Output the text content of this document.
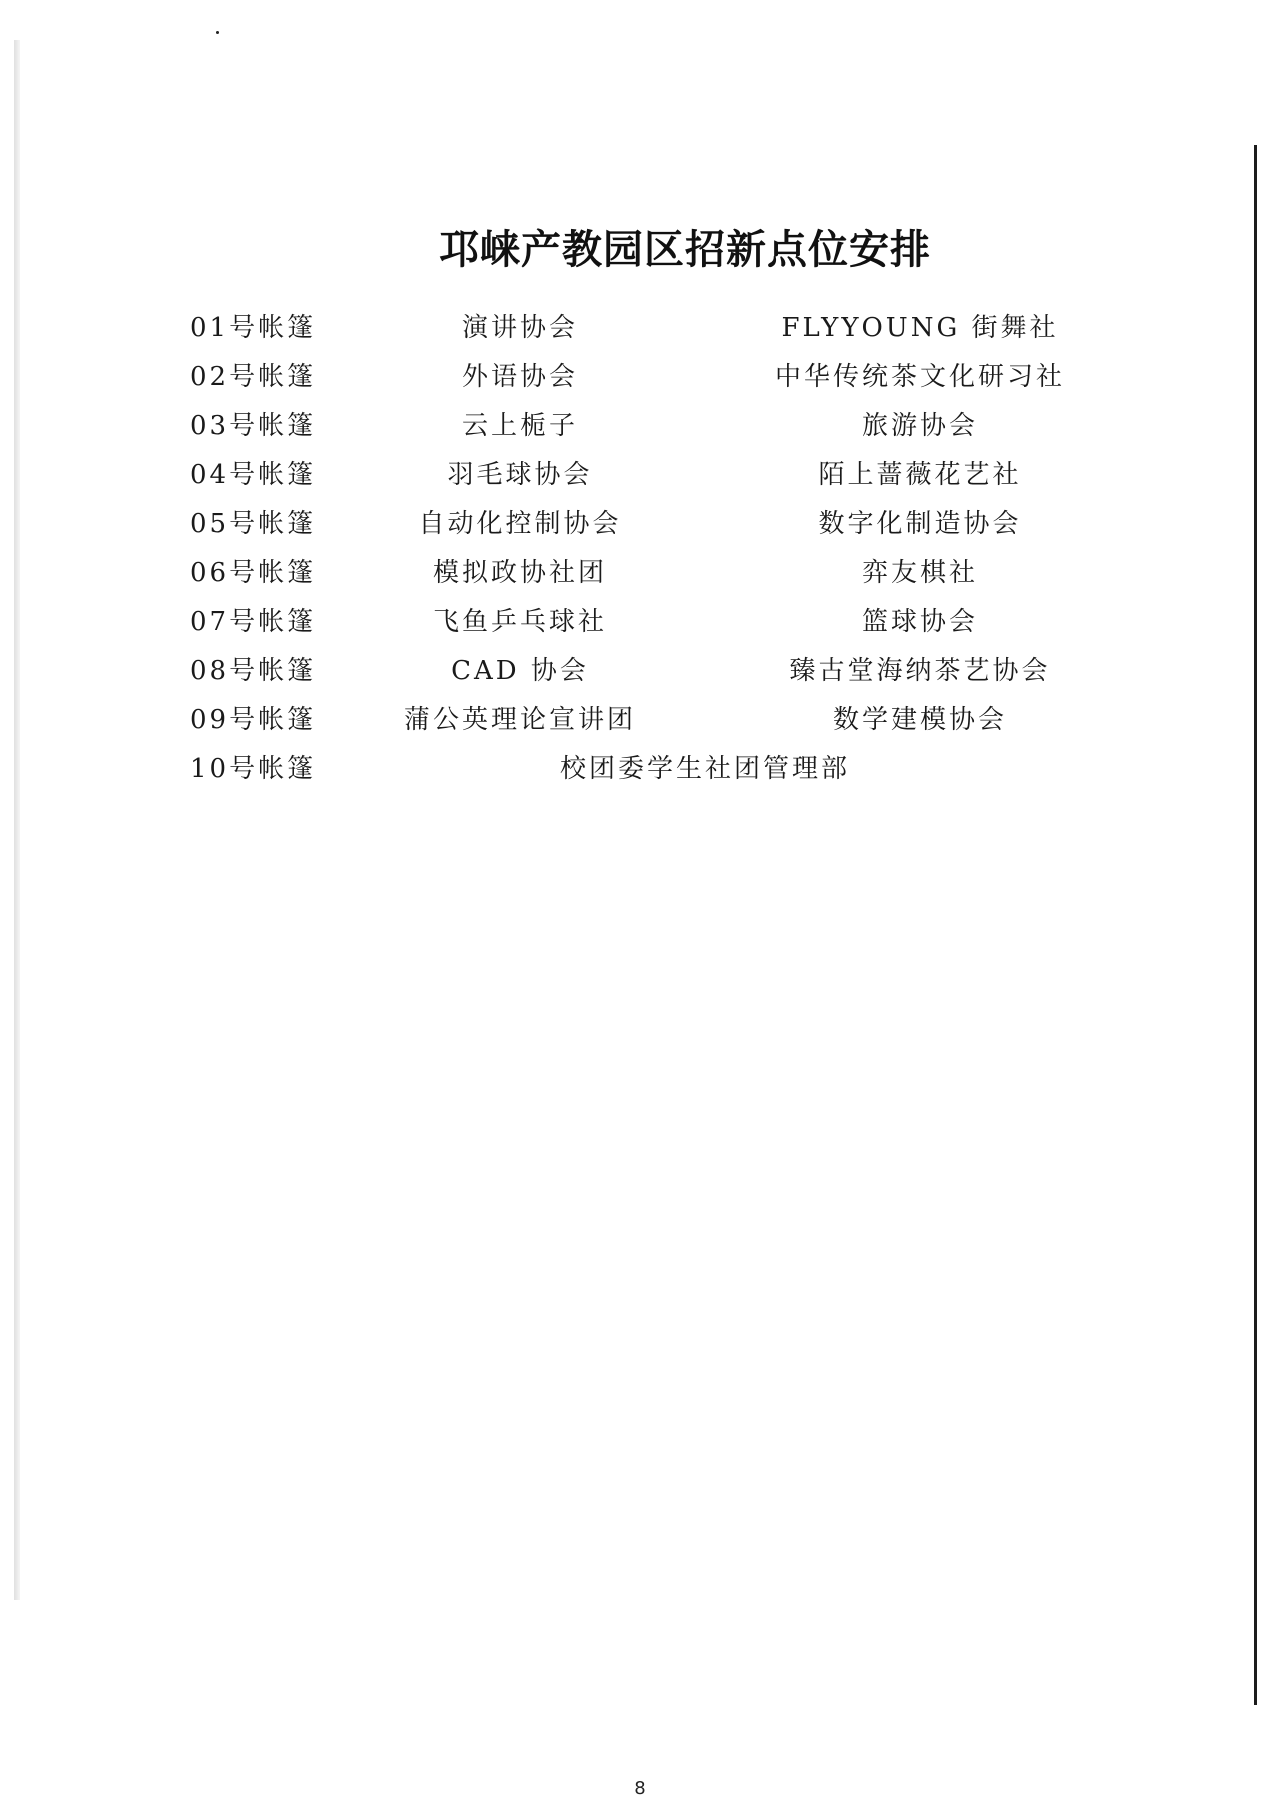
邛崃产教园区招新点位安排
01号帐篷	演讲协会	FLYYOUNG 街舞社
02号帐篷	外语协会	中华传统茶文化研习社
03号帐篷	云上栀子	旅游协会
04号帐篷	羽毛球协会	陌上蔷薇花艺社
05号帐篷	自动化控制协会	数字化制造协会
06号帐篷	模拟政协社团	弈友棋社
07号帐篷	飞鱼乒乓球社	篮球协会
08号帐篷	CAD 协会	臻古堂海纳茶艺协会
09号帐篷	蒲公英理论宣讲团	数学建模协会
10号帐篷	校团委学生社团管理部
8
